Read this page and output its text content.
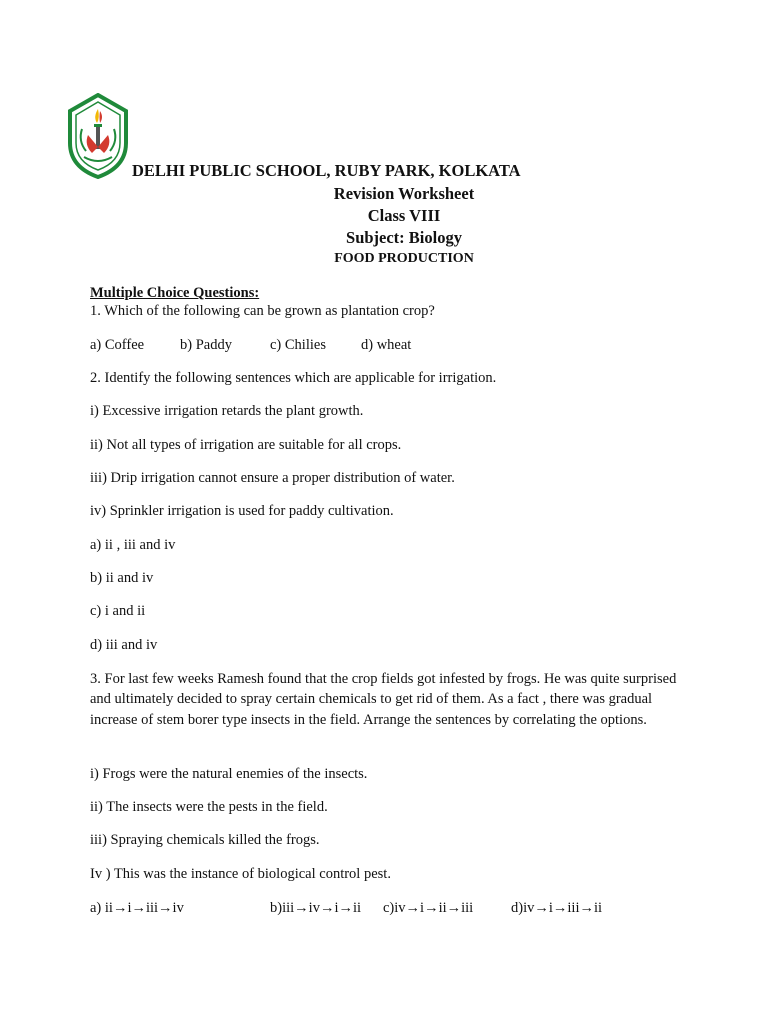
DELHI PUBLIC SCHOOL, RUBY PARK, KOLKATA

Revision Worksheet

Class VIII

Subject: Biology

FOOD PRODUCTION

Multiple Choice Questions:

1. Which of the following can be grown as plantation crop?

a) Coffee b) Paddy	c) Chilies d) wheat

2. Identify the following sentences which are applicable for irrigation.

i) Excessive irrigation retards the plant growth.

ii) Not all types of irrigation are suitable for all crops.

iii) Drip irrigation cannot ensure a proper distribution of water.

iv) Sprinkler irrigation is used for paddy cultivation.

a) ii , iii and iv

b) ii and iv

c) i and ii

d) iii and iv

3. For last few weeks Ramesh found that the crop fields got infested by frogs. He was quite surprised and ultimately decided to spray certain chemicals to get rid of them. As a fact , there was gradual increase of stem borer type insects in the field. Arrange the sentences by correlating the options.

i) Frogs were the natural enemies of the insects.

ii) The insects were the pests in the field.

iii) Spraying chemicals killed the frogs.

Iv ) This was the instance of biological control pest.

a) ii→i→iii→iv	b)iii→iv→i→ii c)iv→i→ii→iii	d)iv→i→iii→ii
